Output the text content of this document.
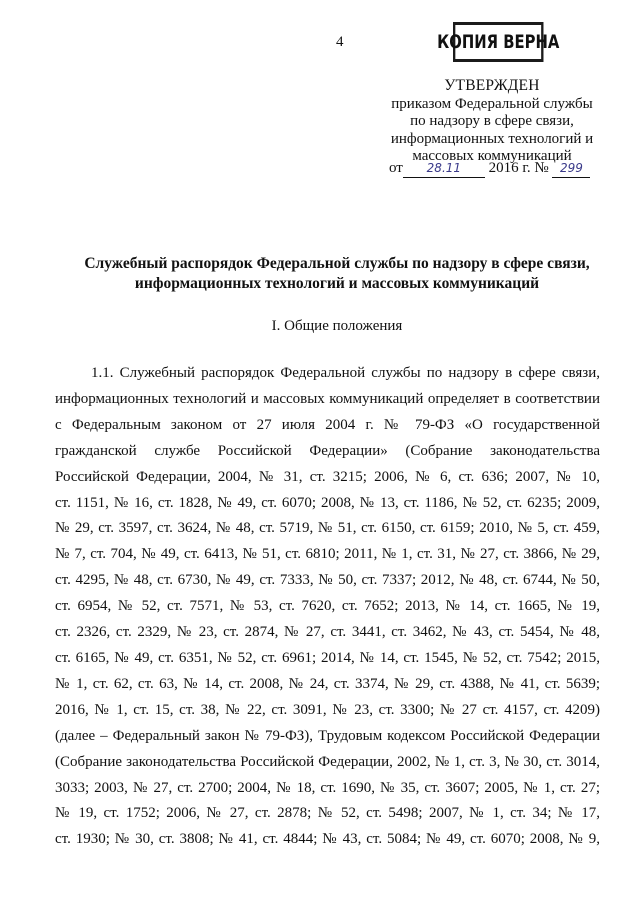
4	КОПИЯ ВЕРНА
УТВЕРЖДЕН
приказом Федеральной службы
по надзору в сфере связи,
информационных технологий и
массовых коммуникаций
от 28.11 2016 г. № 299
Служебный распорядок Федеральной службы по надзору в сфере связи,
информационных технологий и массовых коммуникаций
I. Общие положения
1.1. Служебный распорядок Федеральной службы по надзору в сфере связи,
информационных технологий и массовых коммуникаций определяет в соответствии
с Федеральным законом от 27 июля 2004 г. № 79-ФЗ «О государственной
гражданской службе Российской Федерации» (Собрание законодательства
Российской Федерации, 2004, № 31, ст. 3215; 2006, № 6, ст. 636; 2007, № 10,
ст. 1151, № 16, ст. 1828, № 49, ст. 6070; 2008, № 13, ст. 1186, № 52, ст. 6235; 2009,
№ 29, ст. 3597, ст. 3624, № 48, ст. 5719, № 51, ст. 6150, ст. 6159; 2010, № 5, ст. 459,
№ 7, ст. 704, № 49, ст. 6413, № 51, ст. 6810; 2011, № 1, ст. 31, № 27, ст. 3866, № 29,
ст. 4295, № 48, ст. 6730, № 49, ст. 7333, № 50, ст. 7337; 2012, № 48, ст. 6744, № 50,
ст. 6954, № 52, ст. 7571, № 53, ст. 7620, ст. 7652; 2013, № 14, ст. 1665, № 19,
ст. 2326, ст. 2329, № 23, ст. 2874, № 27, ст. 3441, ст. 3462, № 43, ст. 5454, № 48,
ст. 6165, № 49, ст. 6351, № 52, ст. 6961; 2014, № 14, ст. 1545, № 52, ст. 7542; 2015,
№ 1, ст. 62, ст. 63, № 14, ст. 2008, № 24, ст. 3374, № 29, ст. 4388, № 41, ст. 5639;
2016, № 1, ст. 15, ст. 38, № 22, ст. 3091, № 23, ст. 3300; № 27 ст. 4157, ст. 4209)
(далее – Федеральный закон № 79-ФЗ), Трудовым кодексом Российской Федерации
(Собрание законодательства Российской Федерации, 2002, № 1, ст. 3, № 30, ст. 3014,
3033; 2003, № 27, ст. 2700; 2004, № 18, ст. 1690, № 35, ст. 3607; 2005, № 1, ст. 27;
№ 19, ст. 1752; 2006, № 27, ст. 2878; № 52, ст. 5498; 2007, № 1, ст. 34; № 17,
ст. 1930; № 30, ст. 3808; № 41, ст. 4844; № 43, ст. 5084; № 49, ст. 6070; 2008, № 9,
